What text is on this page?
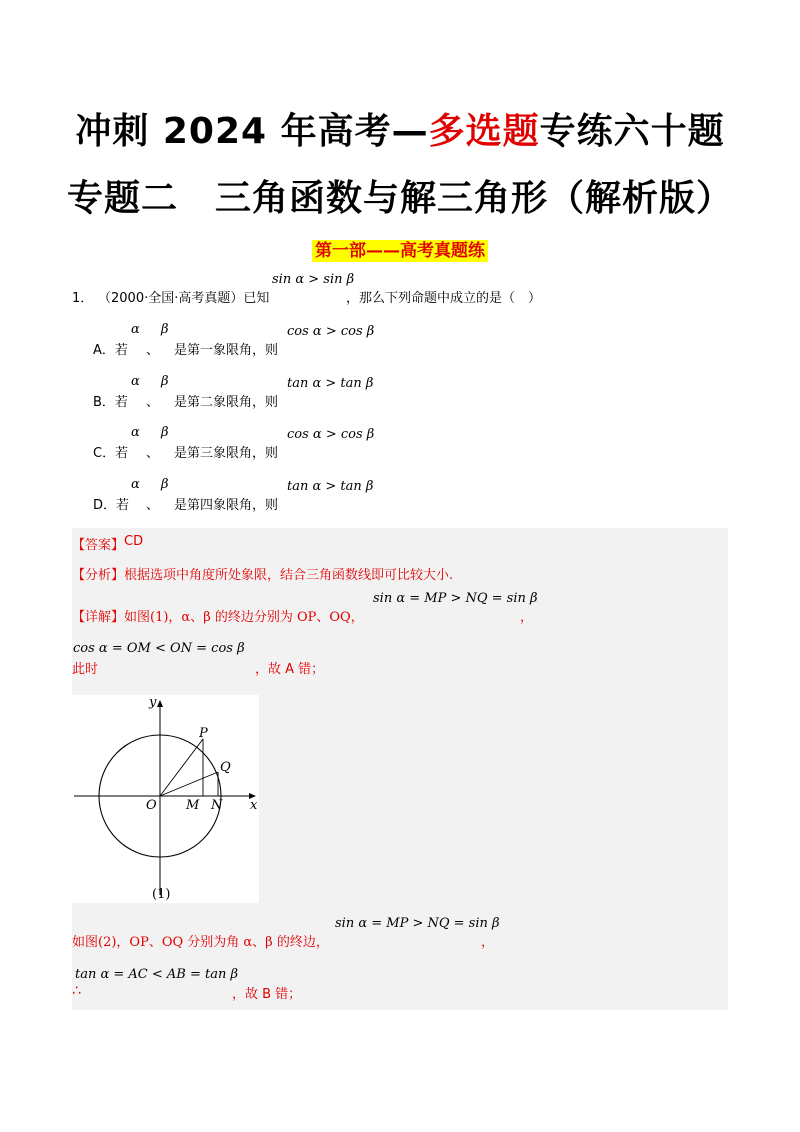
冲刺 2024 年高考—多选题专练六十题
专题二　三角函数与解三角形（解析版）
第一部——高考真题练
1． （2000·全国·高考真题）已知
sin α > sin β
，那么下列命题中成立的是（　）
A．若
α
、
β
是第一象限角，则
cos α > cos β
B．若
α
、
β
是第二象限角，则
tan α > tan β
C．若
α
、
β
是第三象限角，则
cos α > cos β
D．若
α
、
β
是第四象限角，则
tan α > tan β
【答案】 CD
【分析】 根据选项中角度所处象限，结合三角函数线即可比较大小.
【详解】 如图(1)，α、β 的终边分别为 OP、OQ，
sin α = MP > NQ = sin β
，
cos α = OM < ON = cos β
此时	，故 A 错；
y
x
O M N
P
Q
(1)
如图(2)，OP、OQ 分别为角 α、β 的终边，
sin α = MP > NQ = sin β
，
tan α = AC < AB = tan β
∴	，故 B 错；
